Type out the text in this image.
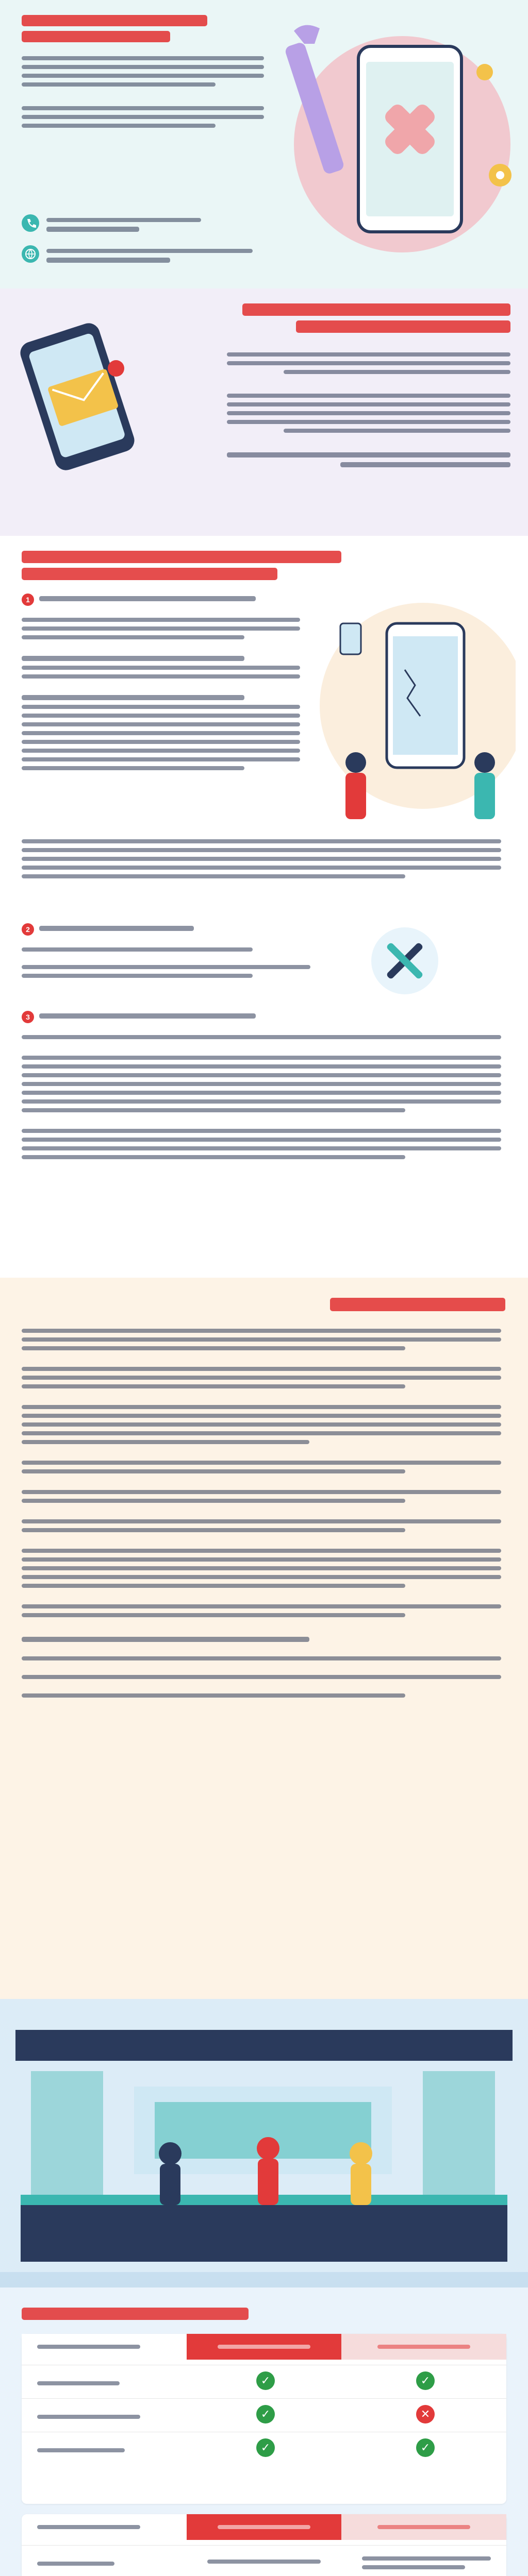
1
2
3
✓	✓
✓	✕
✓	✓
